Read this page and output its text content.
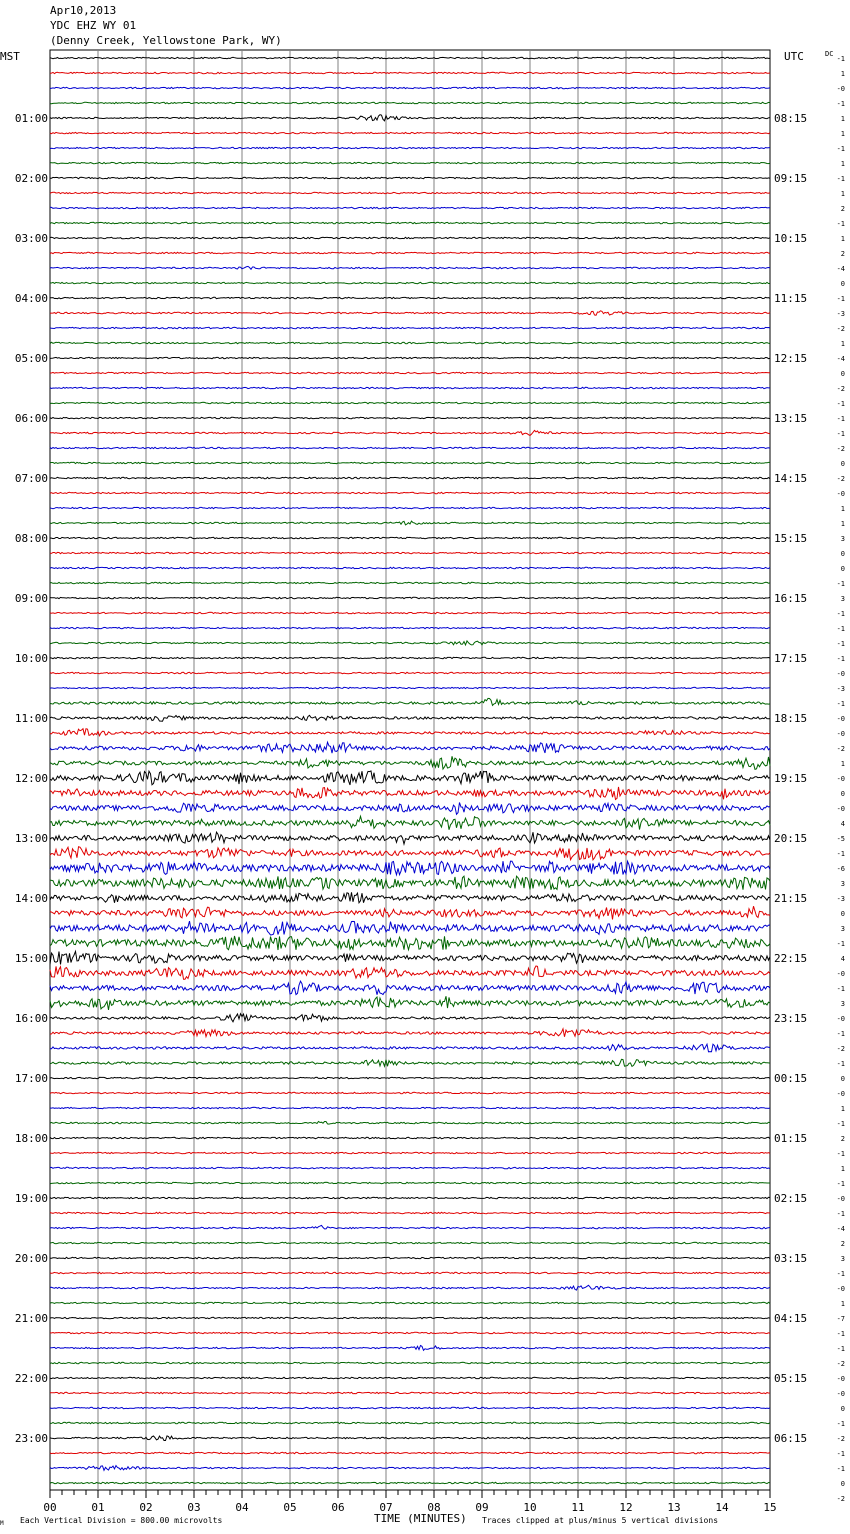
Apr10,2013
YDC EHZ WY 01
(Denny Creek, Yellowstone Park, WY)
MST
01:00
02:00
03:00
04:00
05:00
06:00
07:00
08:00
09:00
10:00
11:00
12:00
13:00
14:00
15:00
16:00
17:00
18:00
19:00
20:00
21:00
22:00
23:00
UTC
08:15
09:15
10:15
11:15
12:15
13:15
14:15
15:15
16:15
17:15
18:15
19:15
20:15
21:15
22:15
23:15
00:15
01:15
02:15
03:15
04:15
05:15
06:15
DC
-1
1
-0
-1
1
1
-1
1
-1
1
2
-1
1
2
-4
0
-1
-3
-2
1
-4
0
-2
-1
-1
-1
-2
0
-2
-0
1
1
3
0
0
-1
3
-1
-1
-1
-1
-0
-3
-1
-0
-0
-2
1
-0
0
-0
4
-5
-1
-6
3
-3
0
3
-1
4
-0
-1
3
-0
-1
-2
-1
0
-0
1
-1
2
-1
1
-1
-0
-1
-4
2
3
-1
-0
1
-7
-1
-1
-2
-0
-0
0
-1
-2
-1
-1
0
-2
00	01	02	03	04	05	06	07	08	09	10	11	12	13	14	15
M Each Vertical Division = 800.00 microvolts	TIME (MINUTES) Traces clipped at plus/minus 5 vertical divisions
